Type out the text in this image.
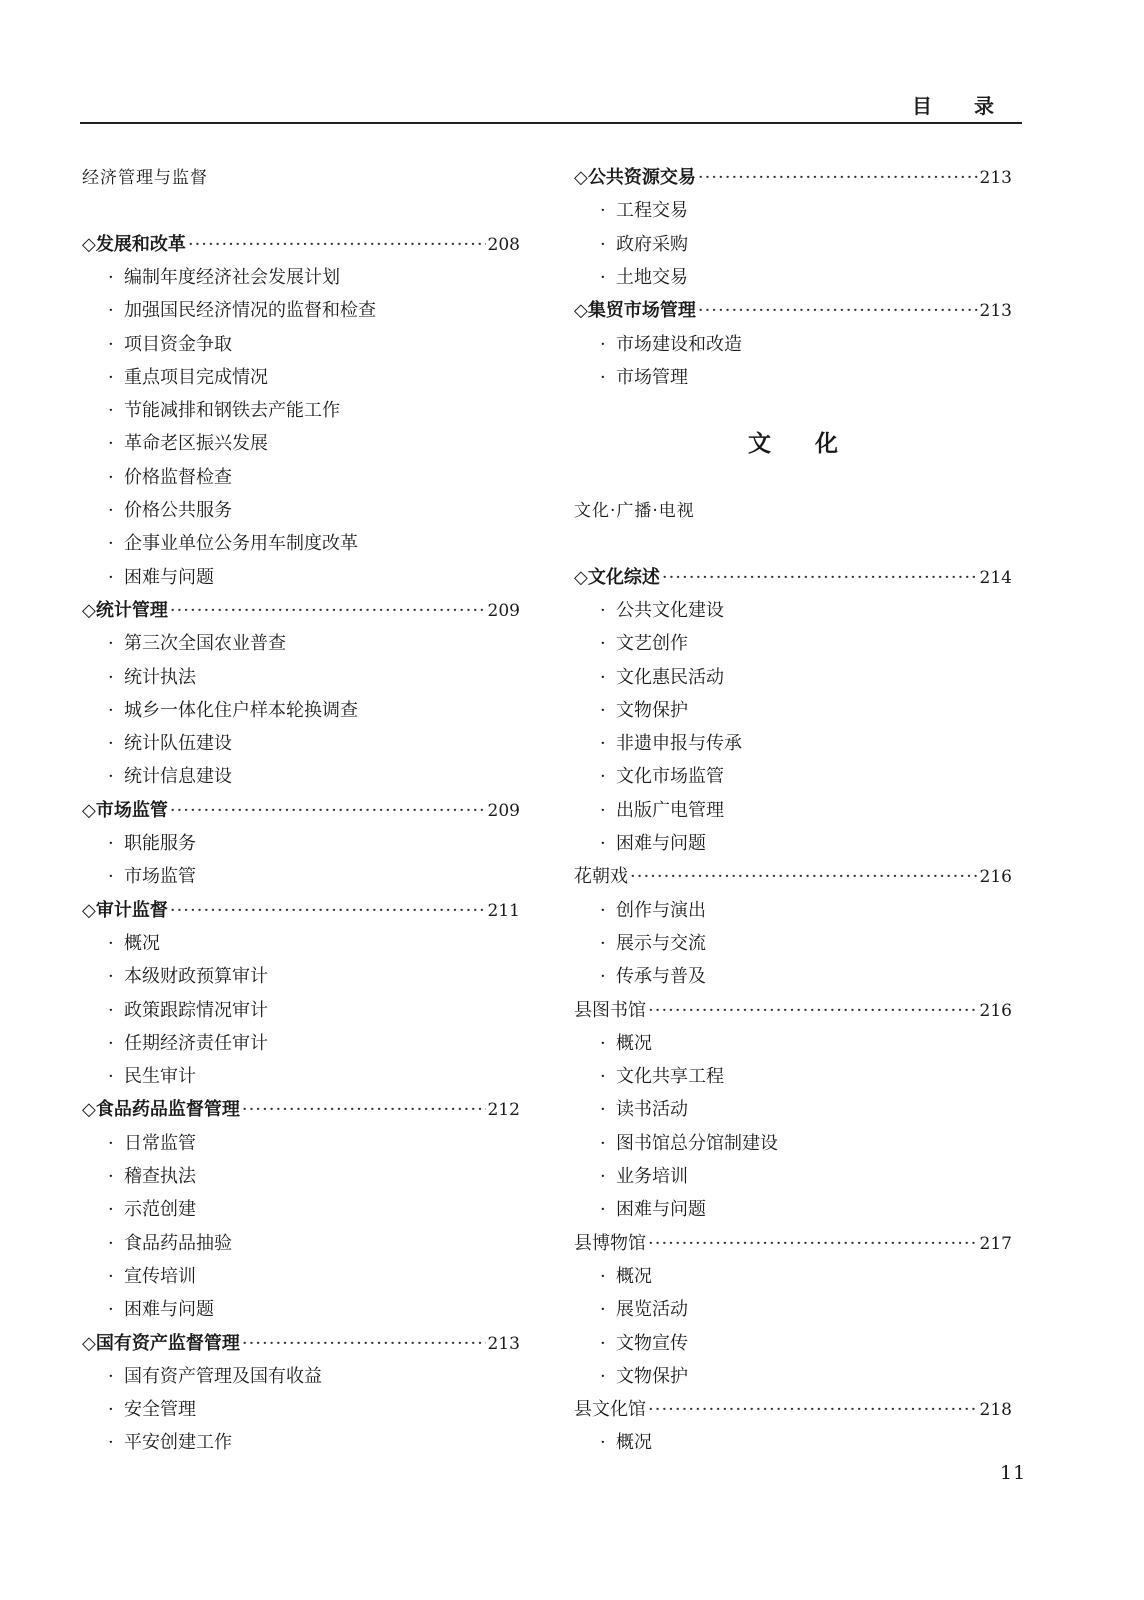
目 录
经济管理与监督
◇发展和改革 ·····	208
· 编制年度经济社会发展计划
· 加强国民经济情况的监督和检查
· 项目资金争取
· 重点项目完成情况
· 节能减排和钢铁去产能工作
· 革命老区振兴发展
· 价格监督检查
· 价格公共服务
· 企事业单位公务用车制度改革
· 困难与问题
◇统计管理 ·····	209
· 第三次全国农业普查
· 统计执法
· 城乡一体化住户样本轮换调查
· 统计队伍建设
· 统计信息建设
◇市场监管 ·····	209
· 职能服务
· 市场监管
◇审计监督 ·····	211
· 概况
· 本级财政预算审计
· 政策跟踪情况审计
· 任期经济责任审计
· 民生审计
◇食品药品监督管理 ·····	212
· 日常监管
· 稽查执法
· 示范创建
· 食品药品抽验
· 宣传培训
· 困难与问题
◇国有资产监督管理 ·····	213
· 国有资产管理及国有收益
· 安全管理
· 平安创建工作
◇公共资源交易 ·····	213
· 工程交易
· 政府采购
· 土地交易
◇集贸市场管理 ·····	213
· 市场建设和改造
· 市场管理
文 化
文化·广播·电视
◇文化综述 ·····	214
· 公共文化建设
· 文艺创作
· 文化惠民活动
· 文物保护
· 非遗申报与传承
· 文化市场监管
· 出版广电管理
· 困难与问题
花朝戏 ·····	216
· 创作与演出
· 展示与交流
· 传承与普及
县图书馆 ·····	216
· 概况
· 文化共享工程
· 读书活动
· 图书馆总分馆制建设
· 业务培训
· 困难与问题
县博物馆 ·····	217
· 概况
· 展览活动
· 文物宣传
· 文物保护
县文化馆 ·····	218
· 概况
11
